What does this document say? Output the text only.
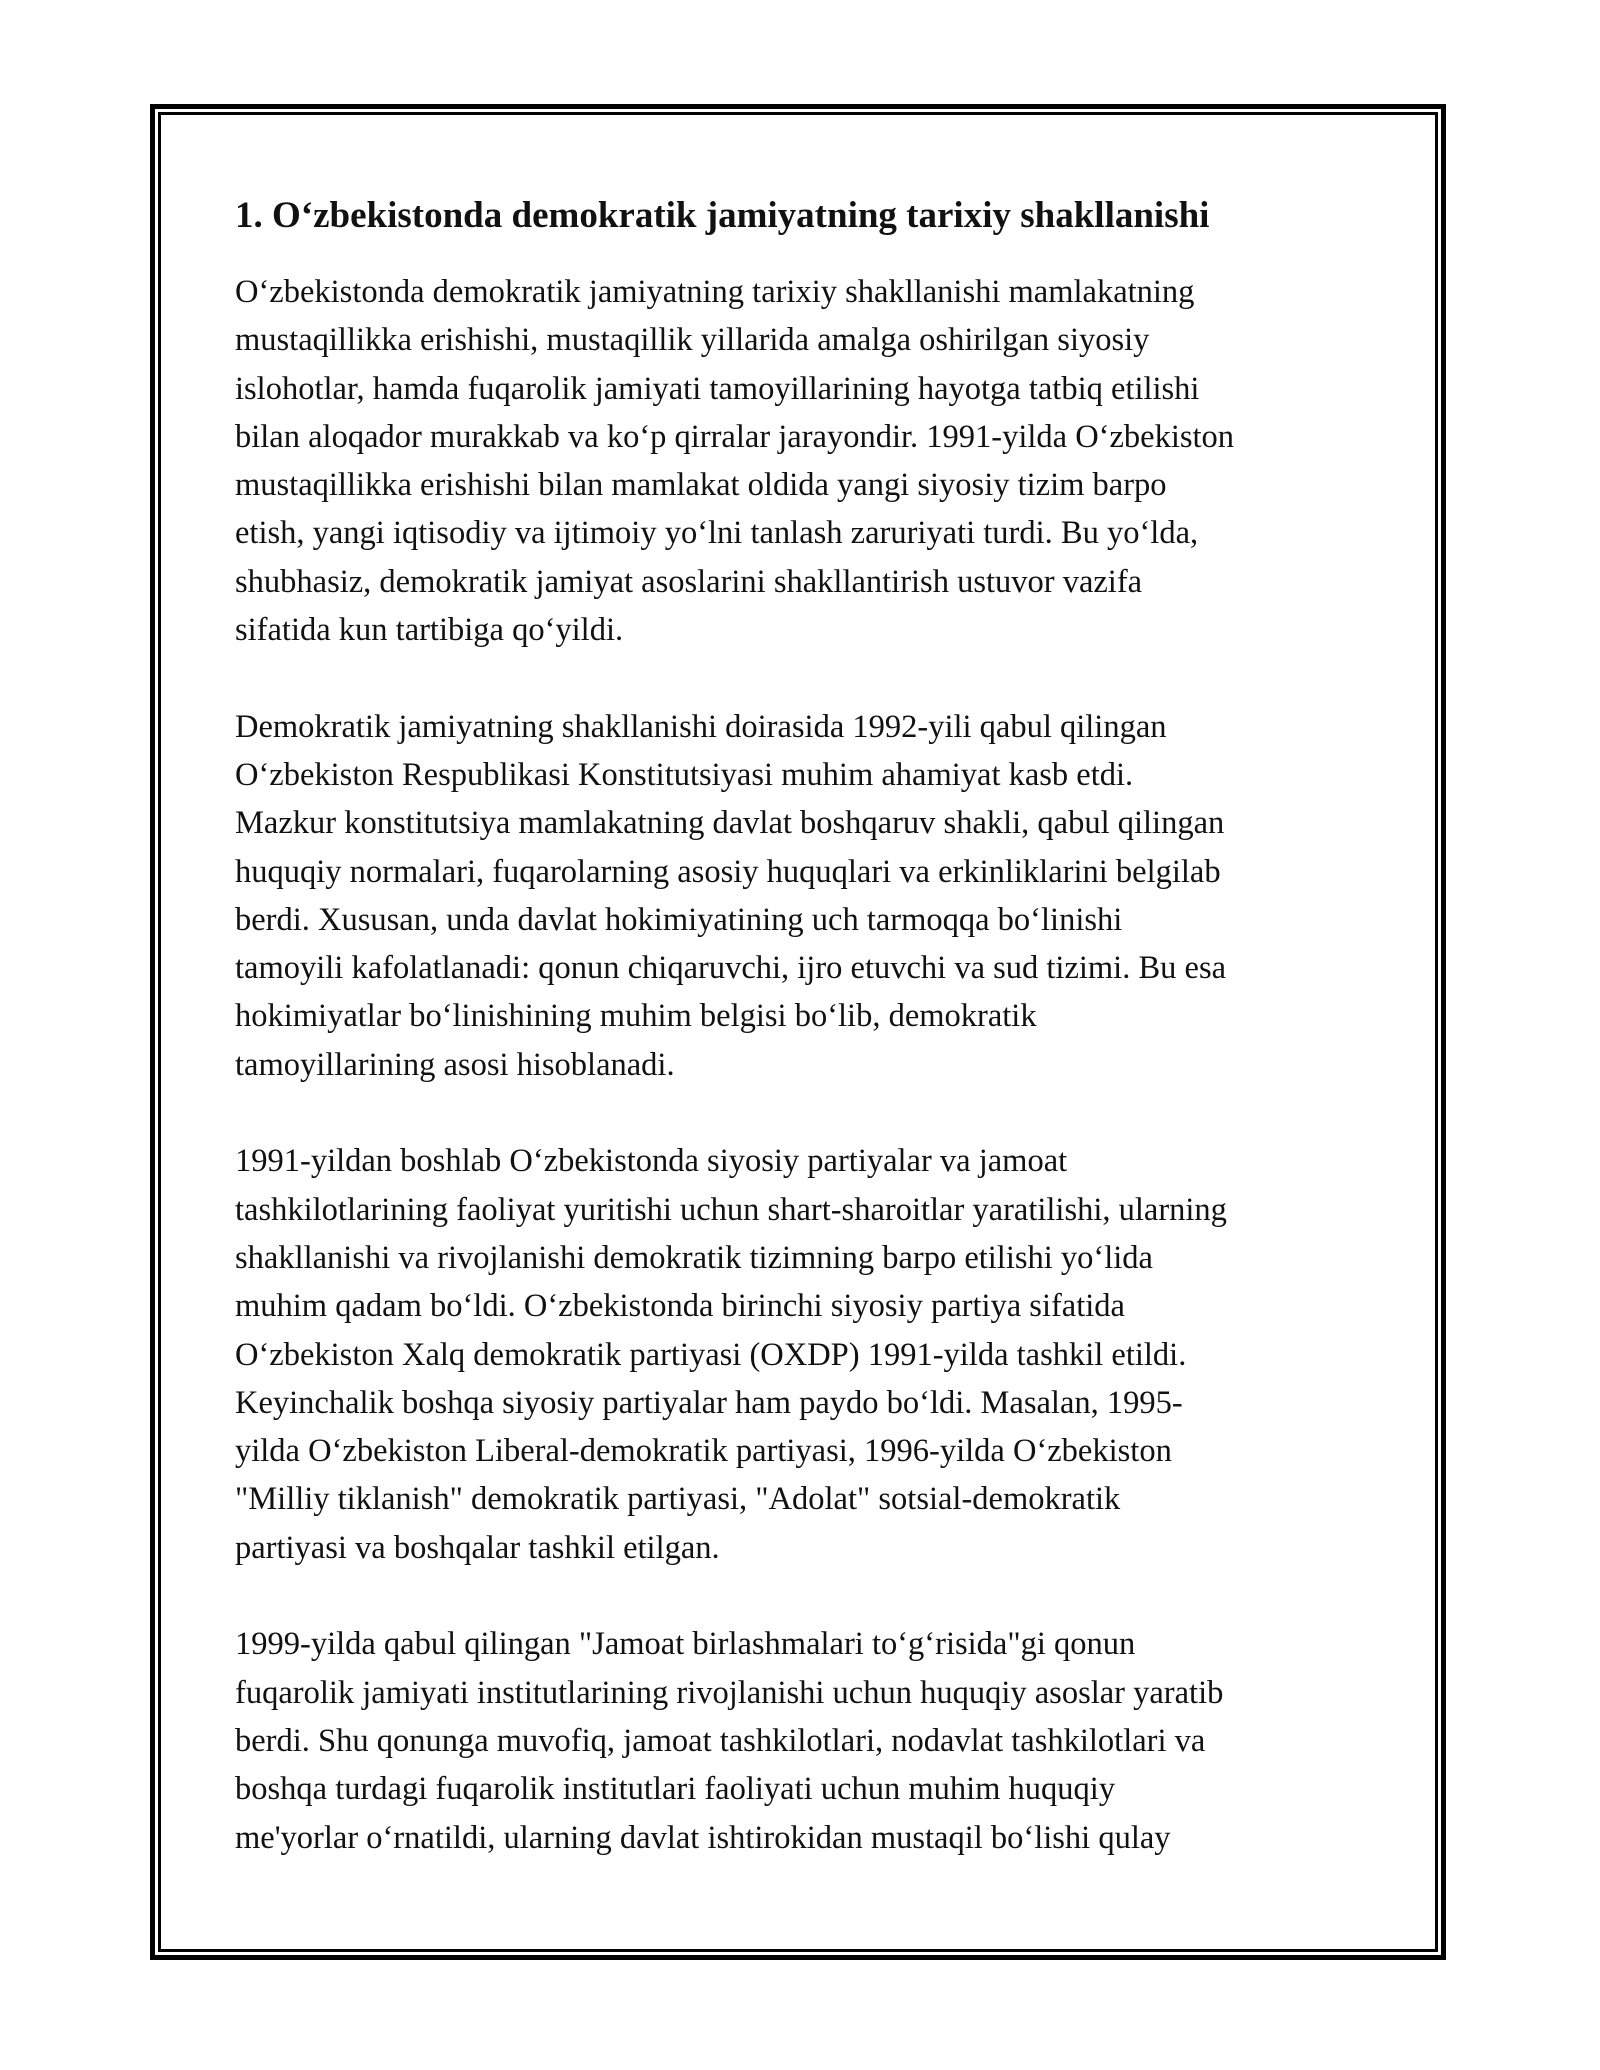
1. O‘zbekistonda demokratik jamiyatning tarixiy shakllanishi

O‘zbekistonda demokratik jamiyatning tarixiy shakllanishi mamlakatning
mustaqillikka erishishi, mustaqillik yillarida amalga oshirilgan siyosiy
islohotlar, hamda fuqarolik jamiyati tamoyillarining hayotga tatbiq etilishi
bilan aloqador murakkab va ko‘p qirralar jarayondir. 1991-yilda O‘zbekiston
mustaqillikka erishishi bilan mamlakat oldida yangi siyosiy tizim barpo
etish, yangi iqtisodiy va ijtimoiy yo‘lni tanlash zaruriyati turdi. Bu yo‘lda,
shubhasiz, demokratik jamiyat asoslarini shakllantirish ustuvor vazifa
sifatida kun tartibiga qo‘yildi.

Demokratik jamiyatning shakllanishi doirasida 1992-yili qabul qilingan
O‘zbekiston Respublikasi Konstitutsiyasi muhim ahamiyat kasb etdi.
Mazkur konstitutsiya mamlakatning davlat boshqaruv shakli, qabul qilingan
huquqiy normalari, fuqarolarning asosiy huquqlari va erkinliklarini belgilab
berdi. Xususan, unda davlat hokimiyatining uch tarmoqqa bo‘linishi
tamoyili kafolatlanadi: qonun chiqaruvchi, ijro etuvchi va sud tizimi. Bu esa
hokimiyatlar bo‘linishining muhim belgisi bo‘lib, demokratik
tamoyillarining asosi hisoblanadi.

1991-yildan boshlab O‘zbekistonda siyosiy partiyalar va jamoat
tashkilotlarining faoliyat yuritishi uchun shart-sharoitlar yaratilishi, ularning
shakllanishi va rivojlanishi demokratik tizimning barpo etilishi yo‘lida
muhim qadam bo‘ldi. O‘zbekistonda birinchi siyosiy partiya sifatida
O‘zbekiston Xalq demokratik partiyasi (OXDP) 1991-yilda tashkil etildi.
Keyinchalik boshqa siyosiy partiyalar ham paydo bo‘ldi. Masalan, 1995-
yilda O‘zbekiston Liberal-demokratik partiyasi, 1996-yilda O‘zbekiston
"Milliy tiklanish" demokratik partiyasi, "Adolat" sotsial-demokratik
partiyasi va boshqalar tashkil etilgan.

1999-yilda qabul qilingan "Jamoat birlashmalari to‘g‘risida"gi qonun
fuqarolik jamiyati institutlarining rivojlanishi uchun huquqiy asoslar yaratib
berdi. Shu qonunga muvofiq, jamoat tashkilotlari, nodavlat tashkilotlari va
boshqa turdagi fuqarolik institutlari faoliyati uchun muhim huquqiy
me'yorlar o‘rnatildi, ularning davlat ishtirokidan mustaqil bo‘lishi qulay
